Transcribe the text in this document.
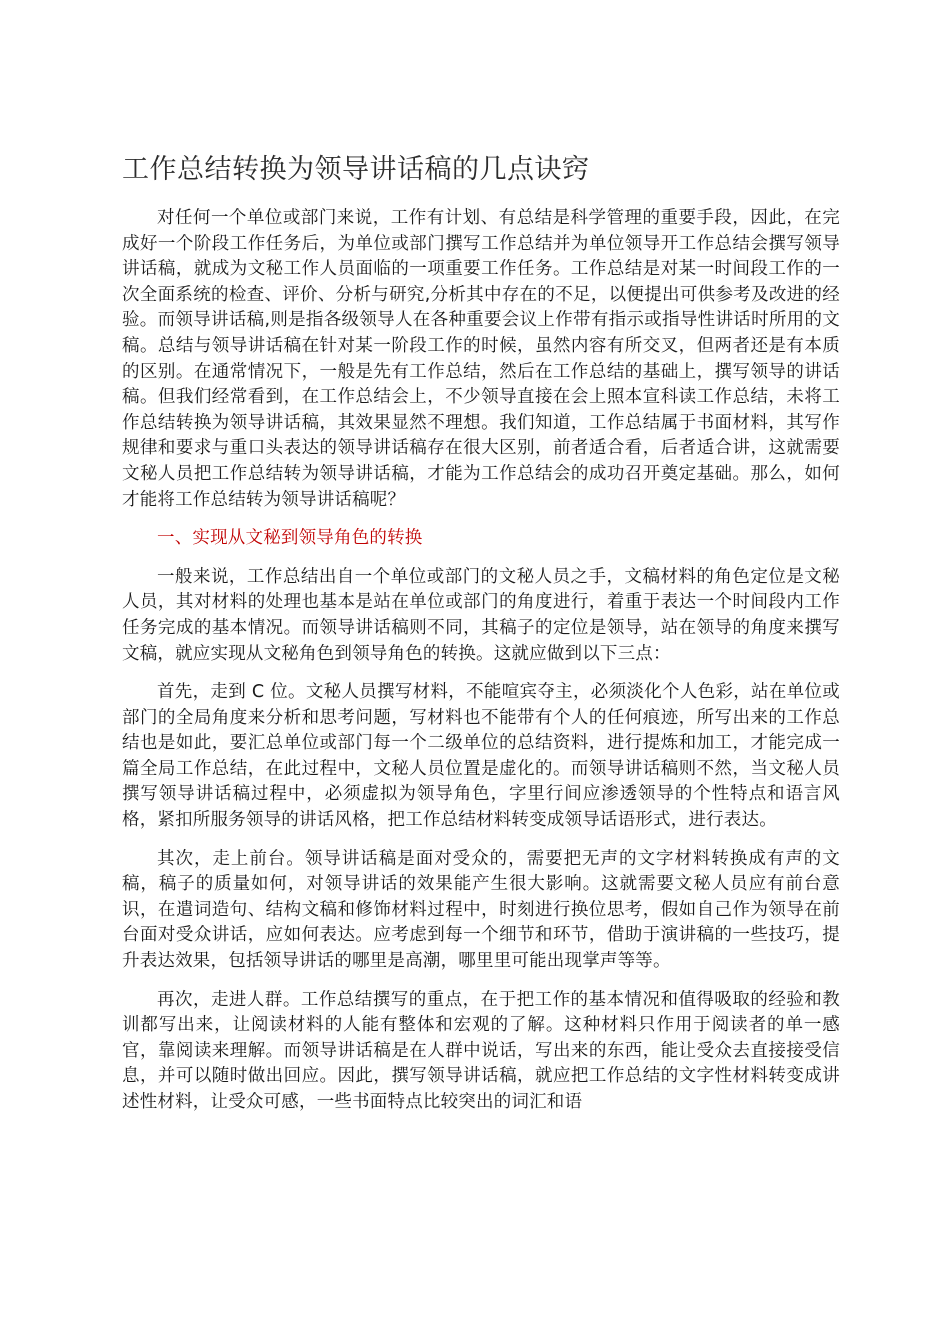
工作总结转换为领导讲话稿的几点诀窍

对任何一个单位或部门来说，工作有计划、有总结是科学管理的重要手段，因此，在完成好一个阶段工作任务后，为单位或部门撰写工作总结并为单位领导开工作总结会撰写领导讲话稿，就成为文秘工作人员面临的一项重要工作任务。工作总结是对某一时间段工作的一次全面系统的检查、评价、分析与研究,分析其中存在的不足，以便提出可供参考及改进的经验。而领导讲话稿,则是指各级领导人在各种重要会议上作带有指示或指导性讲话时所用的文稿。总结与领导讲话稿在针对某一阶段工作的时候，虽然内容有所交叉，但两者还是有本质的区别。在通常情况下，一般是先有工作总结，然后在工作总结的基础上，撰写领导的讲话稿。但我们经常看到，在工作总结会上，不少领导直接在会上照本宣科读工作总结，未将工作总结转换为领导讲话稿，其效果显然不理想。我们知道，工作总结属于书面材料，其写作规律和要求与重口头表达的领导讲话稿存在很大区别，前者适合看，后者适合讲，这就需要文秘人员把工作总结转为领导讲话稿，才能为工作总结会的成功召开奠定基础。那么，如何才能将工作总结转为领导讲话稿呢？

一、实现从文秘到领导角色的转换

一般来说，工作总结出自一个单位或部门的文秘人员之手，文稿材料的角色定位是文秘人员，其对材料的处理也基本是站在单位或部门的角度进行，着重于表达一个时间段内工作任务完成的基本情况。而领导讲话稿则不同，其稿子的定位是领导，站在领导的角度来撰写文稿，就应实现从文秘角色到领导角色的转换。这就应做到以下三点：

首先，走到 C 位。文秘人员撰写材料，不能喧宾夺主，必须淡化个人色彩，站在单位或部门的全局角度来分析和思考问题，写材料也不能带有个人的任何痕迹，所写出来的工作总结也是如此，要汇总单位或部门每一个二级单位的总结资料，进行提炼和加工，才能完成一篇全局工作总结，在此过程中，文秘人员位置是虚化的。而领导讲话稿则不然，当文秘人员撰写领导讲话稿过程中，必须虚拟为领导角色，字里行间应渗透领导的个性特点和语言风格，紧扣所服务领导的讲话风格，把工作总结材料转变成领导话语形式，进行表达。

其次，走上前台。领导讲话稿是面对受众的，需要把无声的文字材料转换成有声的文稿，稿子的质量如何，对领导讲话的效果能产生很大影响。这就需要文秘人员应有前台意识，在遣词造句、结构文稿和修饰材料过程中，时刻进行换位思考，假如自己作为领导在前台面对受众讲话，应如何表达。应考虑到每一个细节和环节，借助于演讲稿的一些技巧，提升表达效果，包括领导讲话的哪里是高潮，哪里里可能出现掌声等等。

再次，走进人群。工作总结撰写的重点，在于把工作的基本情况和值得吸取的经验和教训都写出来，让阅读材料的人能有整体和宏观的了解。这种材料只作用于阅读者的单一感官，靠阅读来理解。而领导讲话稿是在人群中说话，写出来的东西，能让受众去直接接受信息，并可以随时做出回应。因此，撰写领导讲话稿，就应把工作总结的文字性材料转变成讲述性材料，让受众可感，一些书面特点比较突出的词汇和语
